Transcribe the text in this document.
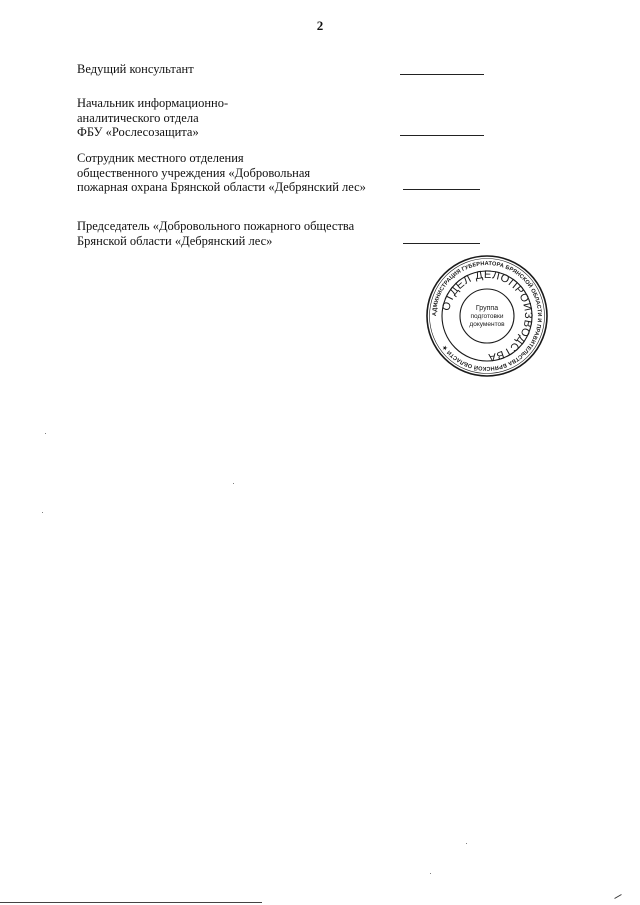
2
Ведущий консультант
Начальник информационно-
аналитического отдела
ФБУ «Рослесозащита»
Сотрудник местного отделения
общественного учреждения «Добровольная
пожарная охрана Брянской области «Дебрянский лес»
Председатель «Добровольного пожарного общества
Брянской области «Дебрянский лес»
АДМИНИСТРАЦИЯ ГУБЕРНАТОРА БРЯНСКОЙ ОБЛАСТИ И ПРАВИТЕЛЬСТВА БРЯНСКОЙ ОБЛАСТИ ★
ОТДЕЛ ДЕЛОПРОИЗВОДСТВА
Группа
подготовки
документов
